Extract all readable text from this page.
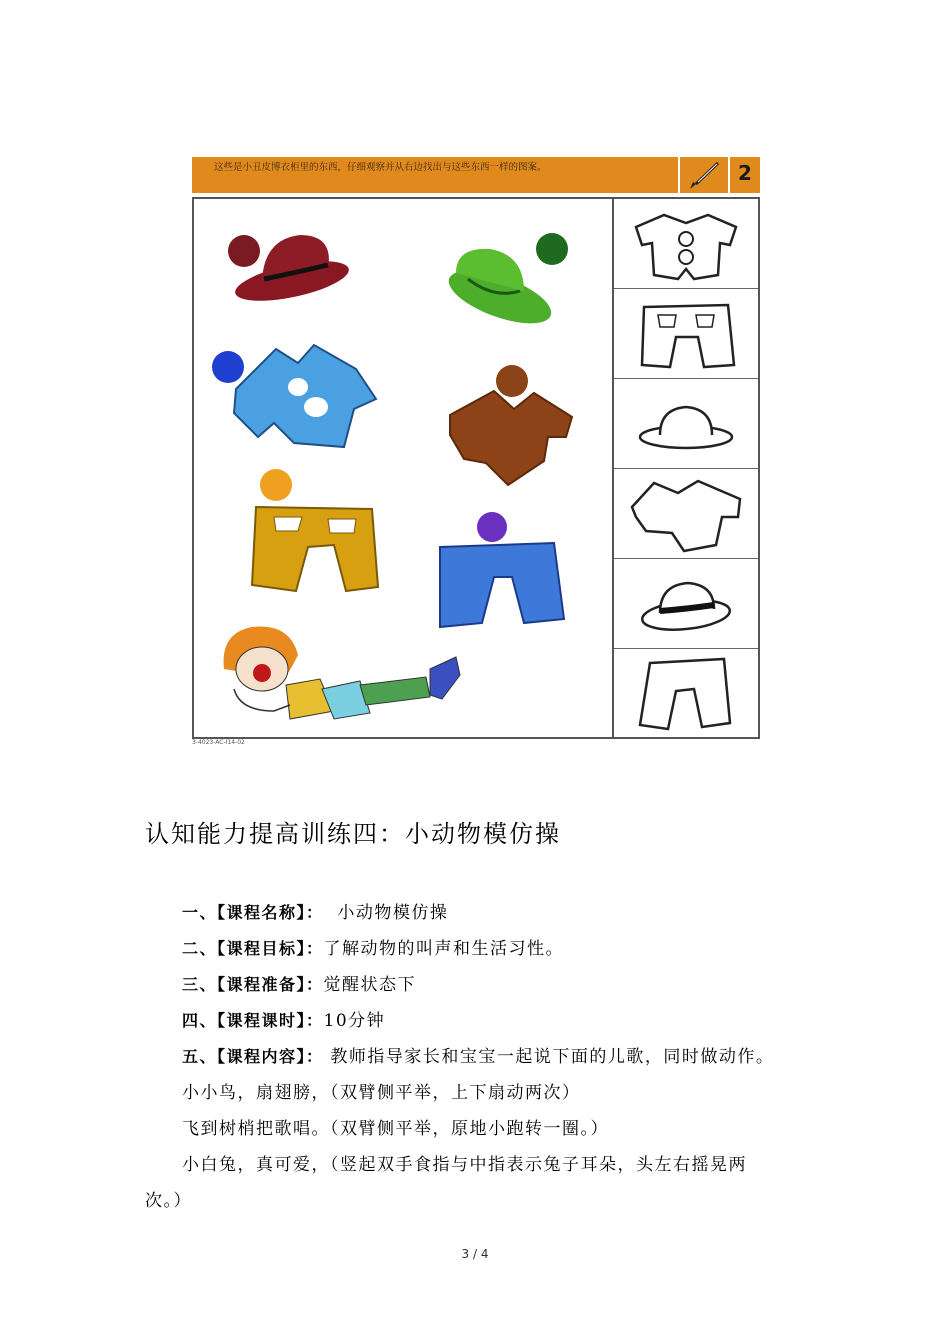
这些是小丑皮博衣柜里的东西，仔细观察并从右边找出与这些东西一样的图案。	2
3-4023-AC-I14-02
认知能力提高训练四：小动物模仿操
一、【课程名称】：  小动物模仿操
二、【课程目标】：了解动物的叫声和生活习性。
三、【课程准备】：觉醒状态下
四、【课程课时】：10分钟
五、【课程内容】： 教师指导家长和宝宝一起说下面的儿歌，同时做动作。
小小鸟，扇翅膀，（双臂侧平举，上下扇动两次）
飞到树梢把歌唱。（双臂侧平举，原地小跑转一圈。）
小白兔，真可爱，（竖起双手食指与中指表示兔子耳朵，头左右摇晃两
次。）
3 / 4
